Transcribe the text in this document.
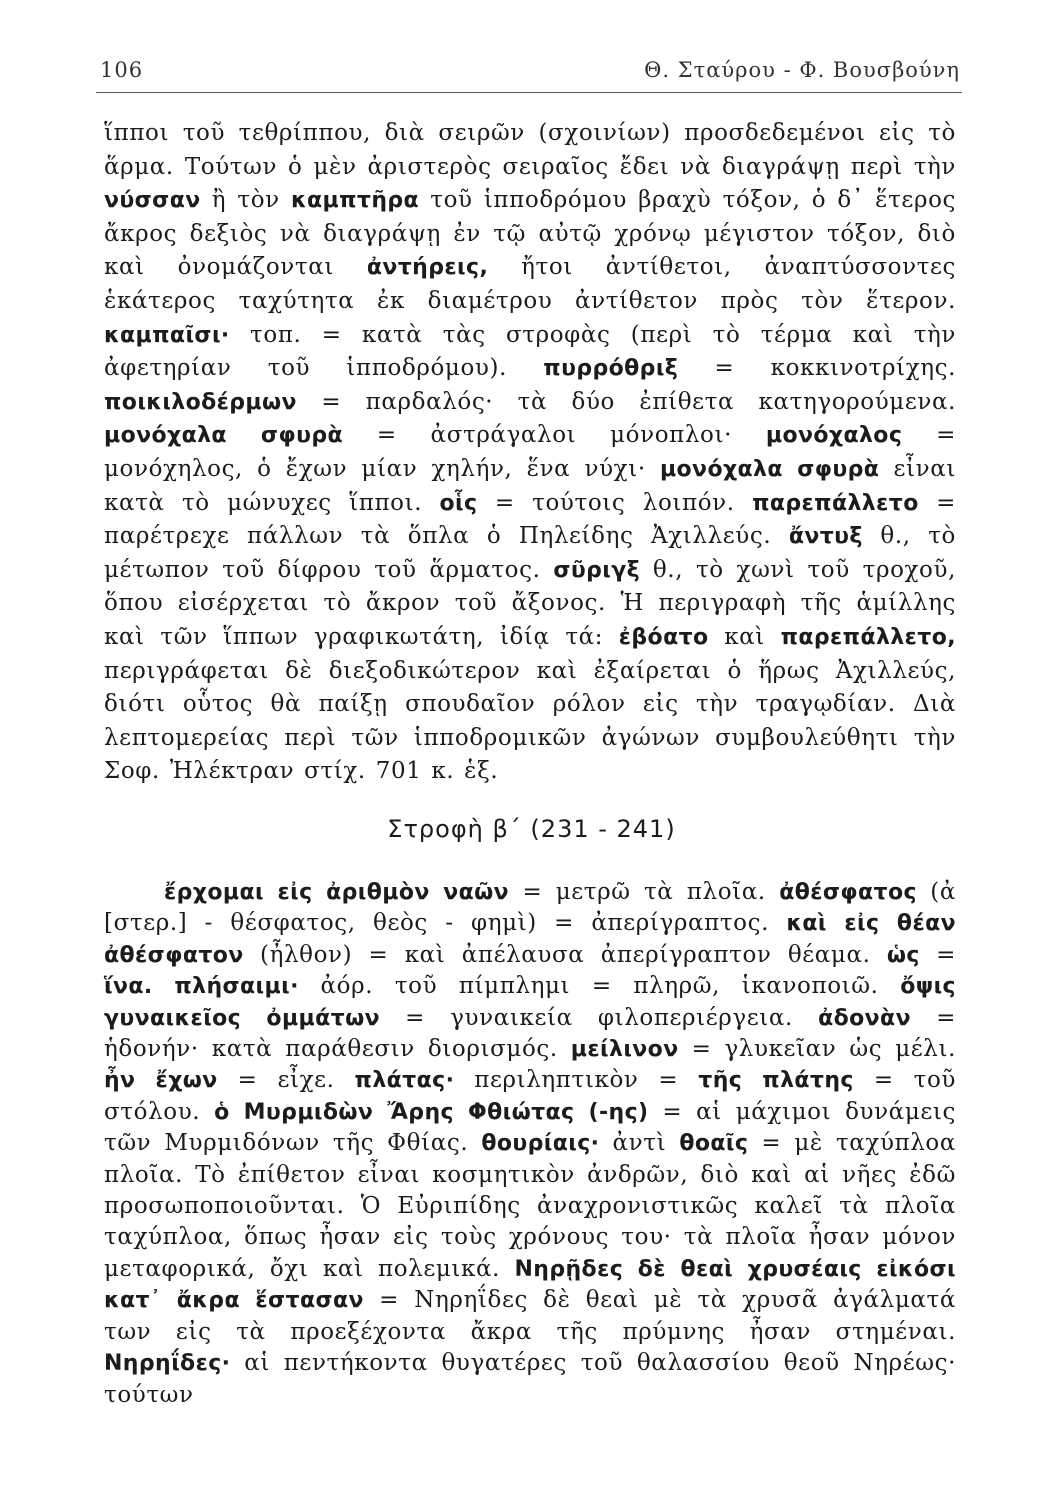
106	Θ. Σταύρου - Φ. Βουσβούνη

ἵπποι τοῦ τεθρίππου, διὰ σειρῶν (σχοινίων) προσδεδεμένοι εἰς τὸ ἅρμα. Τούτων ὁ μὲν ἀριστερὸς σειραῖος ἔδει νὰ διαγράψῃ περὶ τὴν νύσσαν ἢ τὸν καμπτῆρα τοῦ ἱπποδρόμου βραχὺ τόξον, ὁ δ᾽ ἕτερος ἄκρος δεξιὸς νὰ διαγράψῃ ἐν τῷ αὐτῷ χρόνῳ μέγιστον τόξον, διὸ καὶ ὀνομάζονται ἀντήρεις, ἤτοι ἀντίθετοι, ἀναπτύσσοντες ἑκάτερος ταχύτητα ἐκ διαμέτρου ἀντίθετον πρὸς τὸν ἕτερον. καμπαῖσι· τοπ. = κατὰ τὰς στροφὰς (περὶ τὸ τέρμα καὶ τὴν ἀφετηρίαν τοῦ ἱπποδρόμου). πυρρόθριξ = κοκκινοτρίχης. ποικιλοδέρμων = παρδαλός· τὰ δύο ἐπίθετα κατηγορούμενα. μονόχαλα σφυρὰ = ἀστράγαλοι μόνοπλοι· μονόχαλος = μονόχηλος, ὁ ἔχων μίαν χηλήν, ἕνα νύχι· μονόχαλα σφυρὰ εἶναι κατὰ τὸ μώνυχες ἵπποι. οἷς = τούτοις λοιπόν. παρεπάλλετο = παρέτρεχε πάλλων τὰ ὅπλα ὁ Πηλείδης Ἀχιλλεύς. ἄντυξ θ., τὸ μέτωπον τοῦ δίφρου τοῦ ἅρματος. σῦριγξ θ., τὸ χωνὶ τοῦ τροχοῦ, ὅπου εἰσέρχεται τὸ ἄκρον τοῦ ἄξονος. Ἡ περιγραφὴ τῆς ἁμίλλης καὶ τῶν ἵππων γραφικωτάτη, ἰδίᾳ τά: ἐβόατο καὶ παρεπάλλετο, περιγράφεται δὲ διεξοδικώτερον καὶ ἐξαίρεται ὁ ἥρως Ἀχιλλεύς, διότι οὗτος θὰ παίξῃ σπουδαῖον ρόλον εἰς τὴν τραγῳδίαν. Διὰ λεπτομερείας περὶ τῶν ἱπποδρομικῶν ἀγώνων συμβουλεύθητι τὴν Σοφ. Ἠλέκτραν στίχ. 701 κ. ἑξ.

Στροφὴ β΄ (231 - 241)

ἔρχομαι εἰς ἀριθμὸν ναῶν = μετρῶ τὰ πλοῖα. ἀθέσφατος (ἀ [στερ.] - θέσφατος, θεὸς - φημὶ) = ἀπερίγραπτος. καὶ εἰς θέαν ἀθέσφατον (ἦλθον) = καὶ ἀπέλαυσα ἀπερίγραπτον θέαμα. ὡς = ἵνα. πλήσαιμι· ἀόρ. τοῦ πίμπλημι = πληρῶ, ἱκανοποιῶ. ὄψις γυναικεῖος ὀμμάτων = γυναικεία φιλοπεριέργεια. ἀδονὰν = ἡδονήν· κατὰ παράθεσιν διορισμός. μείλινον = γλυκεῖαν ὡς μέλι. ἦν ἔχων = εἶχε. πλάτας· περιληπτικὸν = τῆς πλάτης = τοῦ στόλου. ὁ Μυρμιδὼν Ἄρης Φθιώτας (-ης) = αἱ μάχιμοι δυνάμεις τῶν Μυρμιδόνων τῆς Φθίας. θουρίαις· ἀντὶ θοαῖς = μὲ ταχύπλοα πλοῖα. Τὸ ἐπίθετον εἶναι κοσμητικὸν ἀνδρῶν, διὸ καὶ αἱ νῆες ἐδῶ προσωποποιοῦνται. Ὁ Εὐριπίδης ἀναχρονιστικῶς καλεῖ τὰ πλοῖα ταχύπλοα, ὅπως ἦσαν εἰς τοὺς χρόνους του· τὰ πλοῖα ἦσαν μόνον μεταφορικά, ὄχι καὶ πολεμικά. Νηρῇδες δὲ θεαὶ χρυσέαις εἰκόσι κατ᾽ ἄκρα ἕστασαν = Νηρηΐδες δὲ θεαὶ μὲ τὰ χρυσᾶ ἀγάλματά των εἰς τὰ προεξέχοντα ἄκρα τῆς πρύμνης ἦσαν στημέναι. Νηρηΐδες· αἱ πεντήκοντα θυγατέρες τοῦ θαλασσίου θεοῦ Νηρέως· τούτων
